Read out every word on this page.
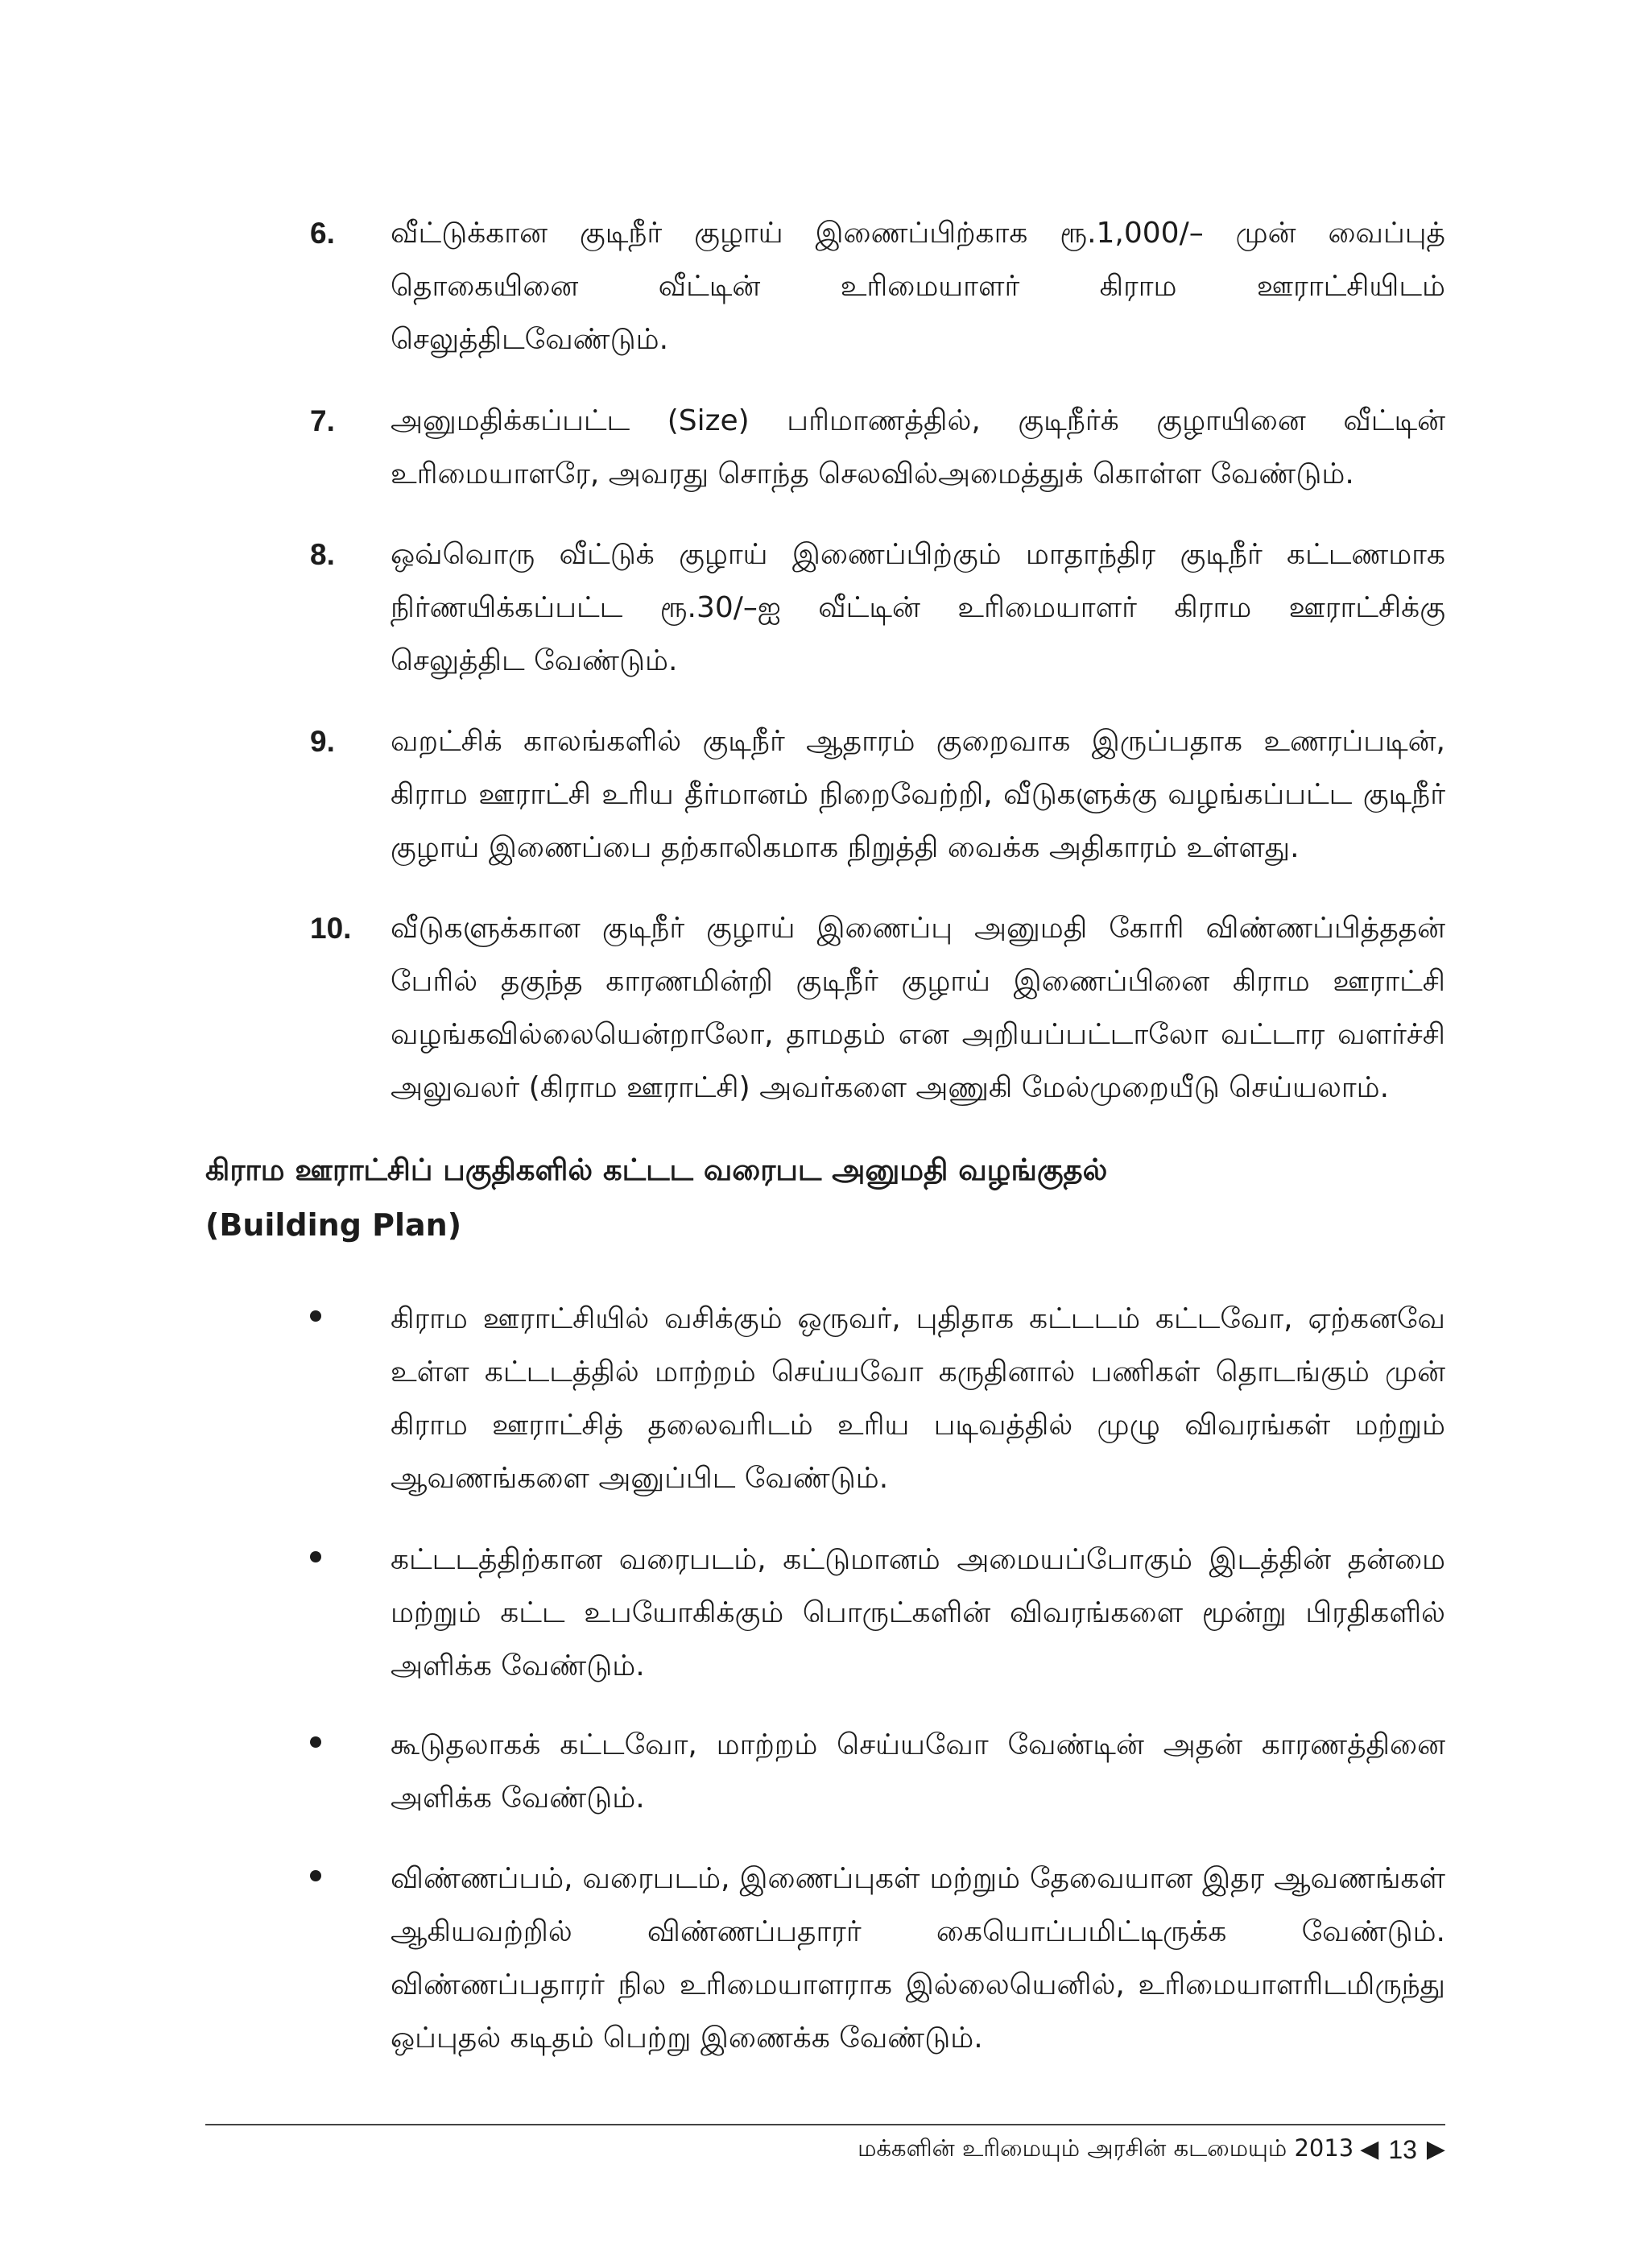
6. வீட்டுக்கான குடிநீர் குழாய் இணைப்பிற்காக ரூ.1,000/– முன் வைப்புத் தொகையினை வீட்டின் உரிமையாளர் கிராம ஊராட்சியிடம் செலுத்திடவேண்டும்.
7. அனுமதிக்கப்பட்ட (Size) பரிமாணத்தில், குடிநீர்க் குழாயினை வீட்டின் உரிமையாளரே, அவரது சொந்த செலவில்அமைத்துக் கொள்ள வேண்டும்.
8. ஒவ்வொரு வீட்டுக் குழாய் இணைப்பிற்கும் மாதாந்திர குடிநீர் கட்டணமாக நிர்ணயிக்கப்பட்ட ரூ.30/–ஐ வீட்டின் உரிமையாளர் கிராம ஊராட்சிக்கு செலுத்திட வேண்டும்.
9. வறட்சிக் காலங்களில் குடிநீர் ஆதாரம் குறைவாக இருப்பதாக உணரப்படின், கிராம ஊராட்சி உரிய தீர்மானம் நிறைவேற்றி, வீடுகளுக்கு வழங்கப்பட்ட குடிநீர் குழாய் இணைப்பை தற்காலிகமாக நிறுத்தி வைக்க அதிகாரம் உள்ளது.
10. வீடுகளுக்கான குடிநீர் குழாய் இணைப்பு அனுமதி கோரி விண்ணப்பித்ததன் பேரில் தகுந்த காரணமின்றி குடிநீர் குழாய் இணைப்பினை கிராம ஊராட்சி வழங்கவில்லையென்றாலோ, தாமதம் என அறியப்பட்டாலோ வட்டார வளர்ச்சி அலுவலர் (கிராம ஊராட்சி) அவர்களை அணுகி மேல்முறையீடு செய்யலாம்.
கிராம ஊராட்சிப் பகுதிகளில் கட்டட வரைபட அனுமதி வழங்குதல்
(Building Plan)
கிராம ஊராட்சியில் வசிக்கும் ஒருவர், புதிதாக கட்டடம் கட்டவோ, ஏற்கனவே உள்ள கட்டடத்தில் மாற்றம் செய்யவோ கருதினால் பணிகள் தொடங்கும் முன் கிராம ஊராட்சித் தலைவரிடம் உரிய படிவத்தில் முழு விவரங்கள் மற்றும் ஆவணங்களை அனுப்பிட வேண்டும்.
கட்டடத்திற்கான வரைபடம், கட்டுமானம் அமையப்போகும் இடத்தின் தன்மை மற்றும் கட்ட உபயோகிக்கும் பொருட்களின் விவரங்களை மூன்று பிரதிகளில் அளிக்க வேண்டும்.
கூடுதலாகக் கட்டவோ, மாற்றம் செய்யவோ வேண்டின் அதன் காரணத்தினை அளிக்க வேண்டும்.
விண்ணப்பம், வரைபடம், இணைப்புகள் மற்றும் தேவையான இதர ஆவணங்கள் ஆகியவற்றில் விண்ணப்பதாரர் கையொப்பமிட்டிருக்க வேண்டும். விண்ணப்பதாரர் நில உரிமையாளராக இல்லையெனில், உரிமையாளரிடமிருந்து ஒப்புதல் கடிதம் பெற்று இணைக்க வேண்டும்.
மக்களின் உரிமையும் அரசின் கடமையும் 2013 ◀ 13 ▶
